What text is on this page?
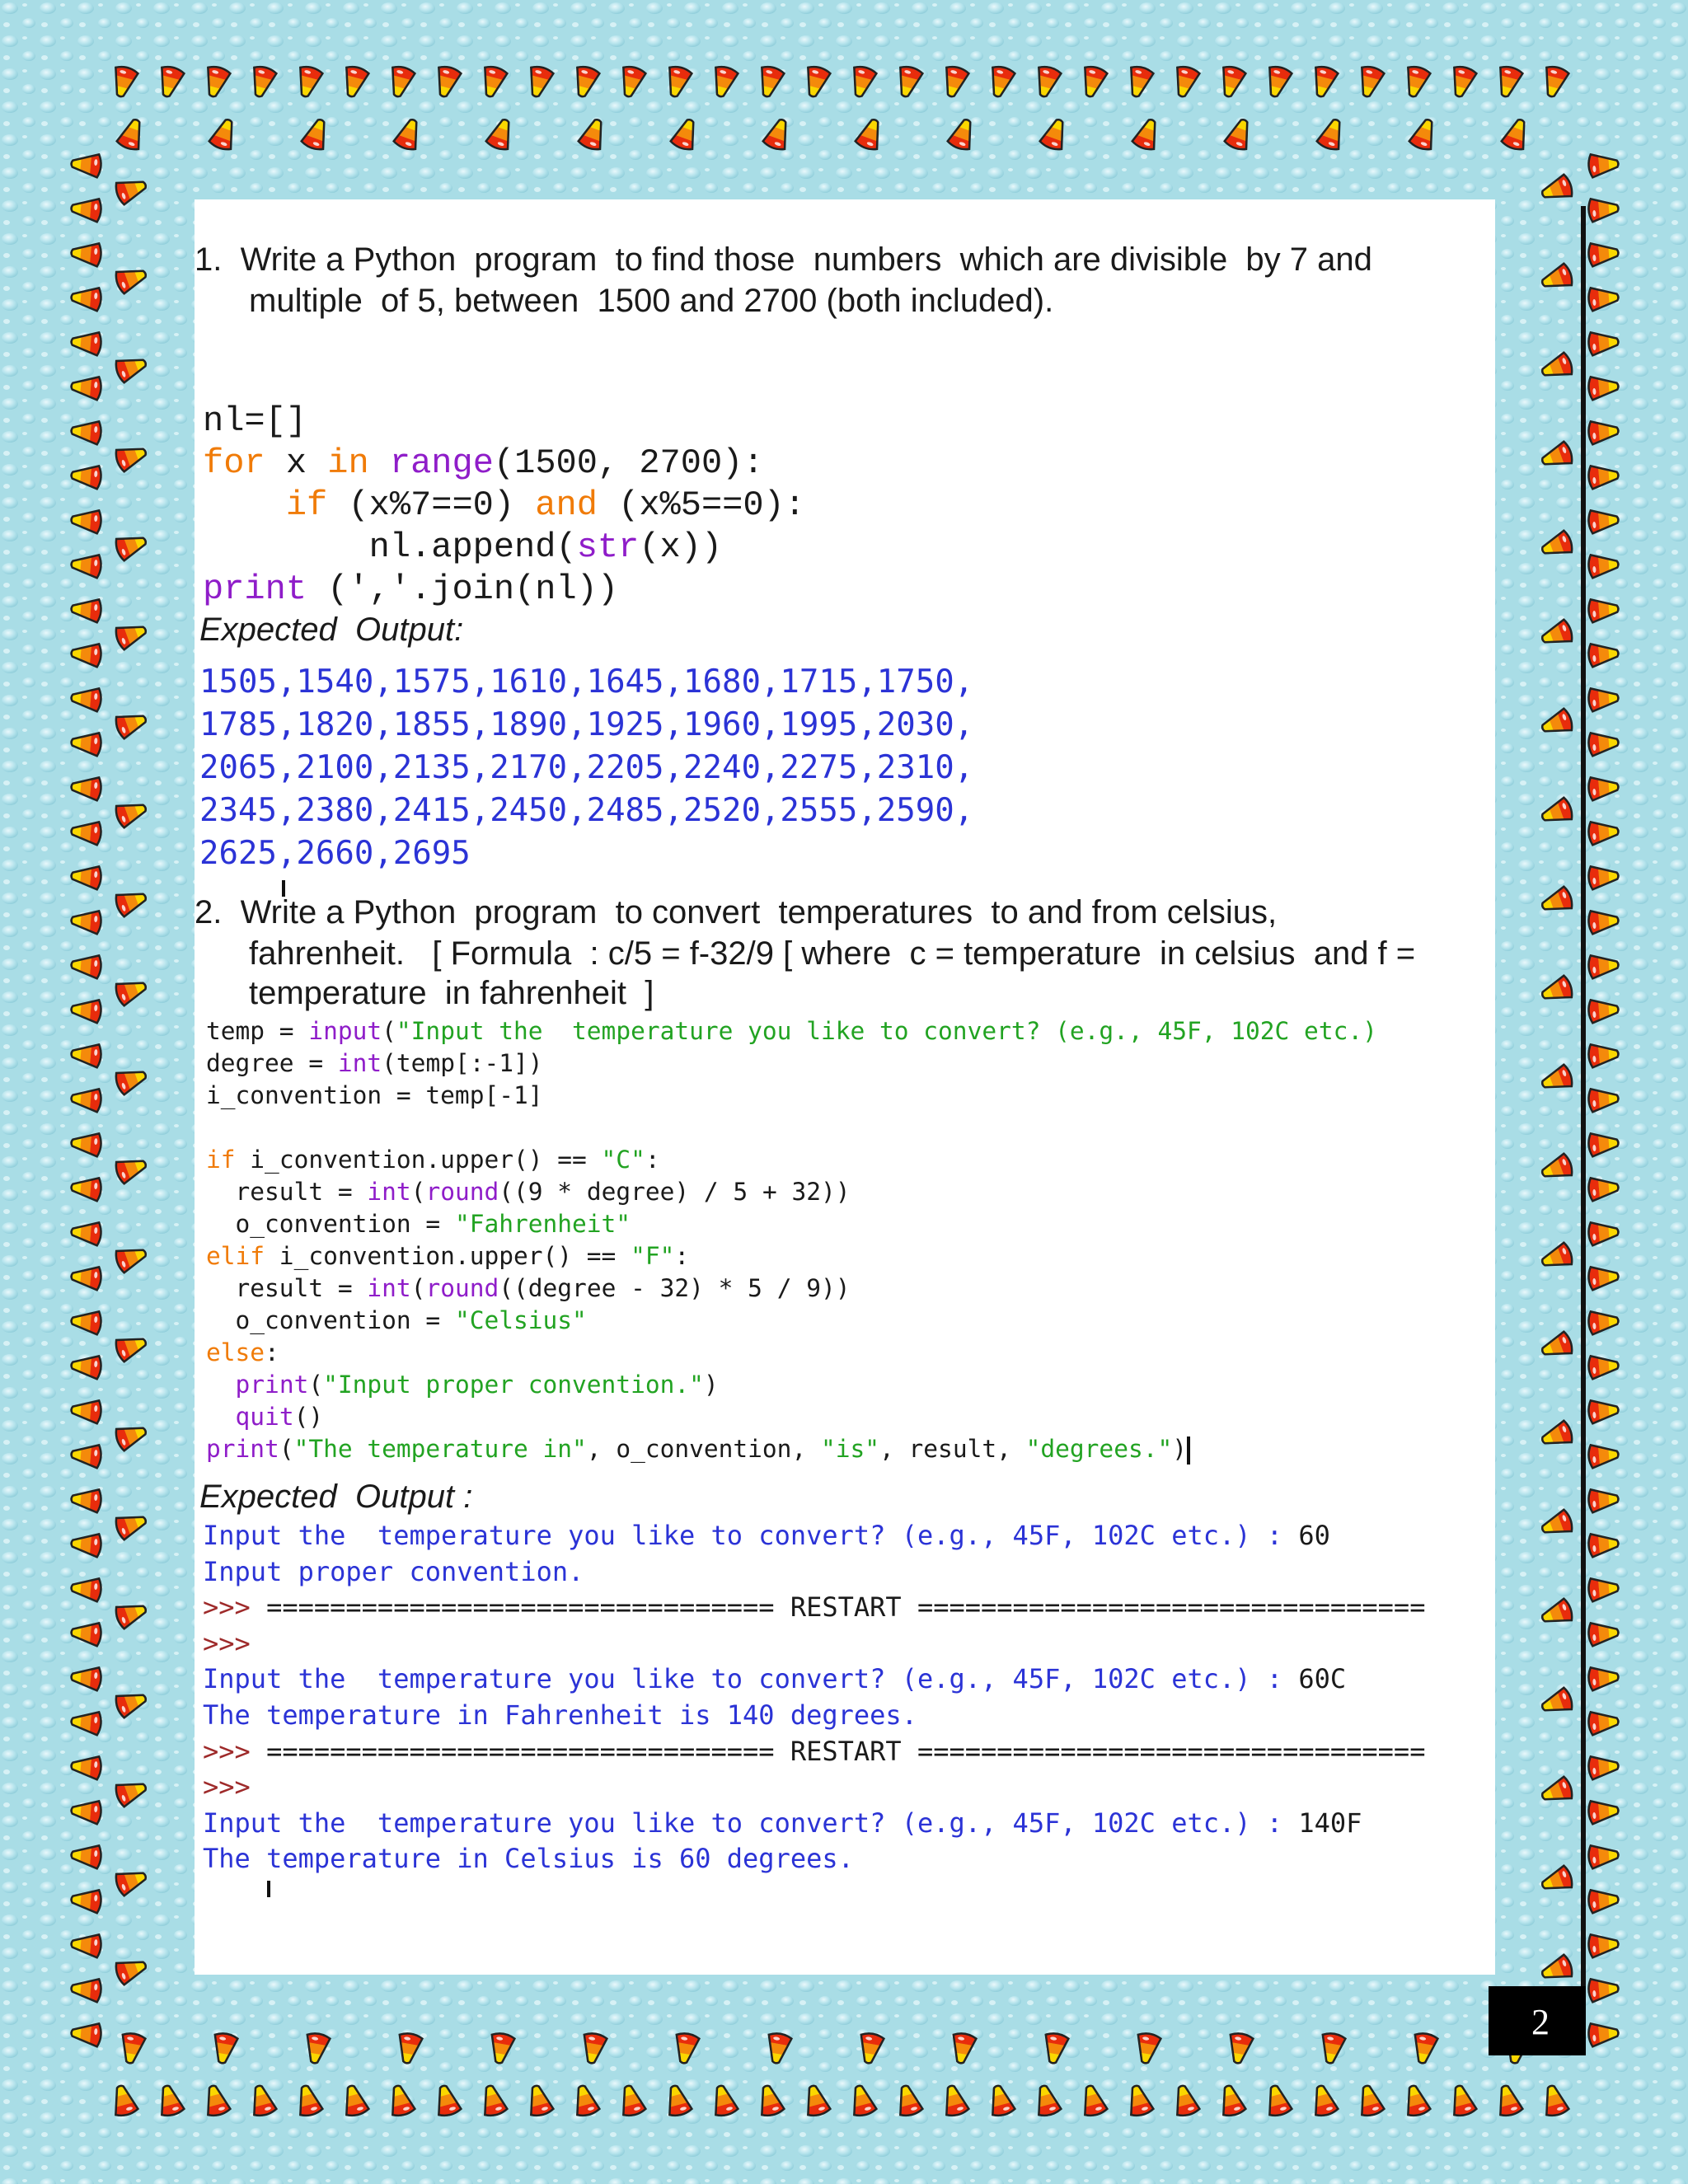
1.  Write a Python  program  to find those  numbers  which are divisible  by 7 and
multiple  of 5, between  1500 and 2700 (both included).
nl=[]
for x in range(1500, 2700):
if (x%7==0) and (x%5==0):
nl.append(str(x))
print (','.join(nl))
Expected  Output:
1505,1540,1575,1610,1645,1680,1715,1750,
1785,1820,1855,1890,1925,1960,1995,2030,
2065,2100,2135,2170,2205,2240,2275,2310,
2345,2380,2415,2450,2485,2520,2555,2590,
2625,2660,2695
2.  Write a Python  program  to convert  temperatures  to and from celsius,
fahrenheit.   [ Formula  : c/5 = f-32/9 [ where  c = temperature  in celsius  and f =
temperature  in fahrenheit  ]
temp = input("Input the  temperature you like to convert? (e.g., 45F, 102C etc.)
degree = int(temp[:-1])
i_convention = temp[-1]

if i_convention.upper() == "C":
result = int(round((9 * degree) / 5 + 32))
o_convention = "Fahrenheit"
elif i_convention.upper() == "F":
result = int(round((degree - 32) * 5 / 9))
o_convention = "Celsius"
else:
print("Input proper convention.")
quit()
print("The temperature in", o_convention, "is", result, "degrees.")
Expected  Output :
Input the  temperature you like to convert? (e.g., 45F, 102C etc.) : 60
Input proper convention.
>>> ================================ RESTART ================================
>>>
Input the  temperature you like to convert? (e.g., 45F, 102C etc.) : 60C
The temperature in Fahrenheit is 140 degrees.
>>> ================================ RESTART ================================
>>>
Input the  temperature you like to convert? (e.g., 45F, 102C etc.) : 140F
The temperature in Celsius is 60 degrees.
2
